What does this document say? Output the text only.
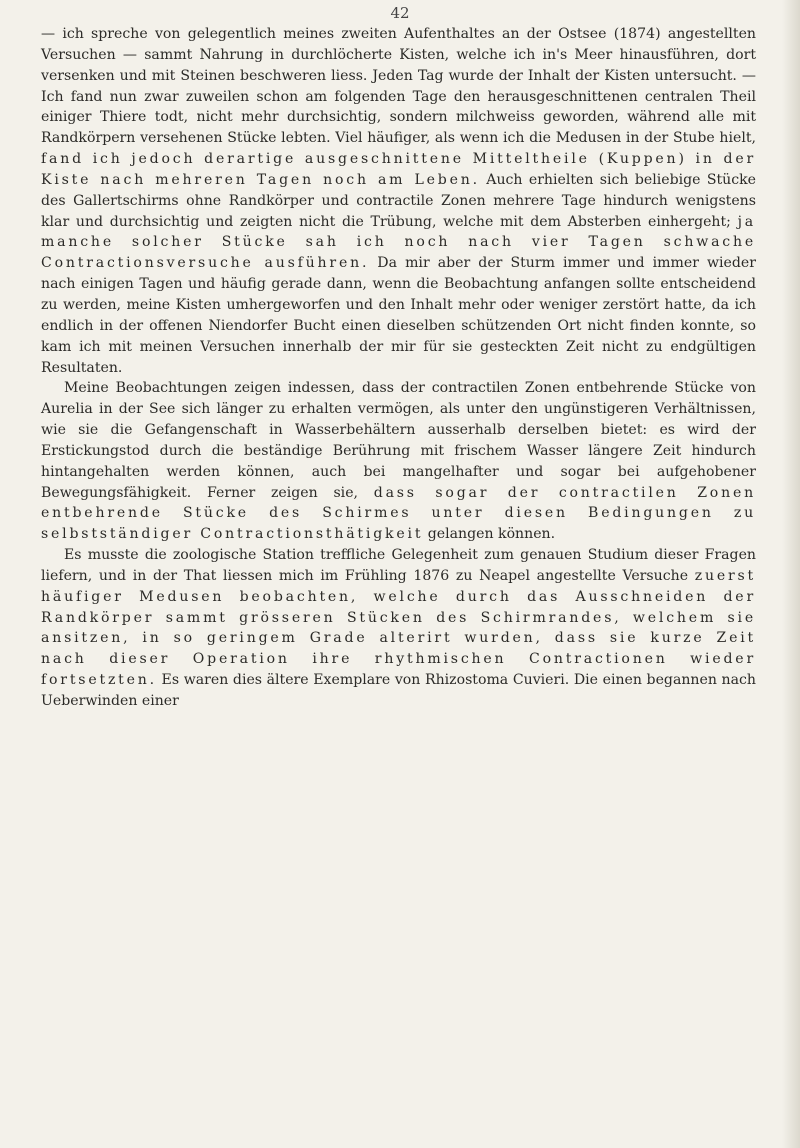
42

— ich spreche von gelegentlich meines zweiten Aufenthaltes an der Ostsee (1874) angestellten Versuchen — sammt Nahrung in durchlöcherte Kisten, welche ich in's Meer hinausführen, dort versenken und mit Steinen beschweren liess. Jeden Tag wurde der Inhalt der Kisten untersucht. — Ich fand nun zwar zuweilen schon am folgenden Tage den herausgeschnittenen centralen Theil einiger Thiere todt, nicht mehr durchsichtig, sondern milchweiss geworden, während alle mit Randkörpern versehenen Stücke lebten. Viel häufiger, als wenn ich die Medusen in der Stube hielt, fand ich jedoch derartige ausgeschnittene Mitteltheile (Kuppen) in der Kiste nach mehreren Tagen noch am Leben. Auch erhielten sich beliebige Stücke des Gallertschirms ohne Randkörper und contractile Zonen mehrere Tage hindurch wenigstens klar und durchsichtig und zeigten nicht die Trübung, welche mit dem Absterben einhergeht; ja manche solcher Stücke sah ich noch nach vier Tagen schwache Contractionsversuche ausführen. Da mir aber der Sturm immer und immer wieder nach einigen Tagen und häufig gerade dann, wenn die Beobachtung anfangen sollte entscheidend zu werden, meine Kisten umhergeworfen und den Inhalt mehr oder weniger zerstört hatte, da ich endlich in der offenen Niendorfer Bucht einen dieselben schützenden Ort nicht finden konnte, so kam ich mit meinen Versuchen innerhalb der mir für sie gesteckten Zeit nicht zu endgültigen Resultaten.

Meine Beobachtungen zeigen indessen, dass der contractilen Zonen entbehrende Stücke von Aurelia in der See sich länger zu erhalten vermögen, als unter den ungünstigeren Verhältnissen, wie sie die Gefangenschaft in Wasserbehältern ausserhalb derselben bietet: es wird der Erstickungstod durch die beständige Berührung mit frischem Wasser längere Zeit hindurch hintangehalten werden können, auch bei mangelhafter und sogar bei aufgehobener Bewegungsfähigkeit. Ferner zeigen sie, dass sogar der contractilen Zonen entbehrende Stücke des Schirmes unter diesen Bedingungen zu selbstständiger Contractionsthätigkeit gelangen können.

Es musste die zoologische Station treffliche Gelegenheit zum genauen Studium dieser Fragen liefern, und in der That liessen mich im Frühling 1876 zu Neapel angestellte Versuche zuerst häufiger Medusen beobachten, welche durch das Ausschneiden der Randkörper sammt grösseren Stücken des Schirmrandes, welchem sie ansitzen, in so geringem Grade alterirt wurden, dass sie kurze Zeit nach dieser Operation ihre rhythmischen Contractionen wieder fortsetzten. Es waren dies ältere Exemplare von Rhizostoma Cuvieri. Die einen begannen nach Ueberwinden einer
